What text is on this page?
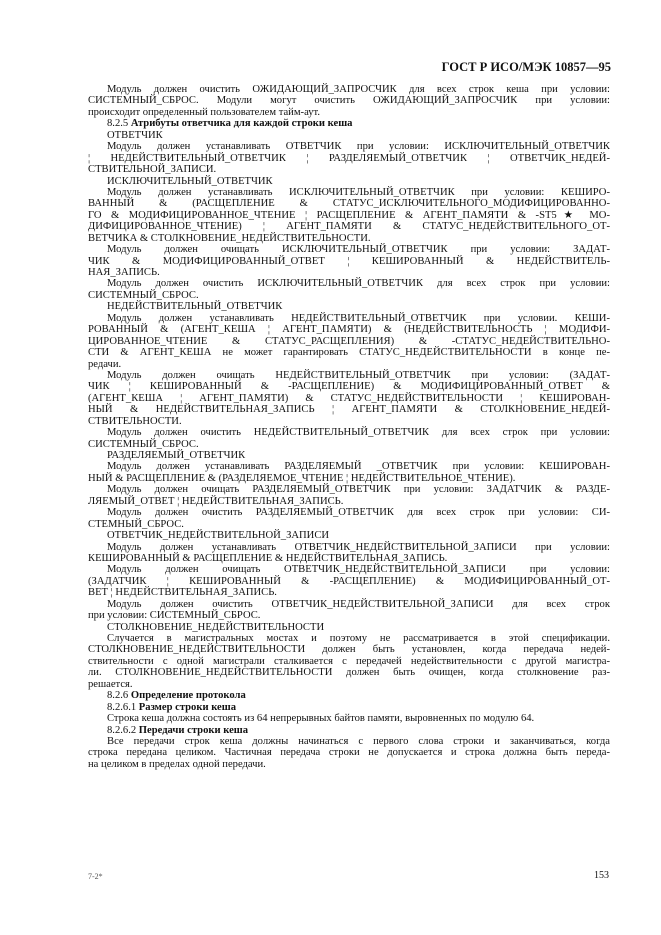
ГОСТ Р ИСО/МЭК 10857—95
Модуль должен очистить ОЖИДАЮЩИЙ_ЗАПРОСЧИК для всех строк кеша при условии:
СИСТЕМНЫЙ_СБРОС. Модули могут очистить ОЖИДАЮЩИЙ_ЗАПРОСЧИК при условии:
происходит определенный пользователем тайм-аут.
8.2.5 Атрибуты ответчика для каждой строки кеша
ОТВЕТЧИК
Модуль должен устанавливать ОТВЕТЧИК при условии: ИСКЛЮЧИТЕЛЬНЫЙ_ОТВЕТЧИК
¦ НЕДЕЙСТВИТЕЛЬНЫЙ_ОТВЕТЧИК ¦ РАЗДЕЛЯЕМЫЙ_ОТВЕТЧИК ¦ ОТВЕТЧИК_НЕДЕЙ-
СТВИТЕЛЬНОЙ_ЗАПИСИ.
ИСКЛЮЧИТЕЛЬНЫЙ_ОТВЕТЧИК
Модуль должен устанавливать ИСКЛЮЧИТЕЛЬНЫЙ_ОТВЕТЧИК при условии: КЕШИРО-
ВАННЫЙ & (РАСЩЕПЛЕНИЕ & СТАТУС_ИСКЛЮЧИТЕЛЬНОГО_МОДИФИЦИРОВАННО-
ГО & МОДИФИЦИРОВАННОЕ_ЧТЕНИЕ ¦ РАСЩЕПЛЕНИЕ & АГЕНТ_ПАМЯТИ & -ST5★ МО-
ДИФИЦИРОВАННОЕ_ЧТЕНИЕ) ¦ АГЕНТ_ПАМЯТИ & СТАТУС_НЕДЕЙСТВИТЕЛЬНОГО_ОТ-
ВЕТЧИКА & СТОЛКНОВЕНИЕ_НЕДЕЙСТВИТЕЛЬНОСТИ.
Модуль должен очищать ИСКЛЮЧИТЕЛЬНЫЙ_ОТВЕТЧИК при условии: ЗАДАТ-
ЧИК & МОДИФИЦИРОВАННЫЙ_ОТВЕТ ¦ КЕШИРОВАННЫЙ & НЕДЕЙСТВИТЕЛЬ-
НАЯ_ЗАПИСЬ.
Модуль должен очистить ИСКЛЮЧИТЕЛЬНЫЙ_ОТВЕТЧИК для всех строк при условии:
СИСТЕМНЫЙ_СБРОС.
НЕДЕЙСТВИТЕЛЬНЫЙ_ОТВЕТЧИК
Модуль должен устанавливать НЕДЕЙСТВИТЕЛЬНЫЙ_ОТВЕТЧИК при условии. КЕШИ-
РОВАННЫЙ & (АГЕНТ_КЕША ¦ АГЕНТ_ПАМЯТИ) & (НЕДЕЙСТВИТЕЛЬНОСТЬ ¦ МОДИФИ-
ЦИРОВАННОЕ_ЧТЕНИЕ & СТАТУС_РАСЩЕПЛЕНИЯ) & -СТАТУС_НЕДЕЙСТВИТЕЛЬНО-
СТИ & АГЕНТ_КЕША не может гарантировать СТАТУС_НЕДЕЙСТВИТЕЛЬНОСТИ в конце пе-
редачи.
Модуль должен очищать НЕДЕЙСТВИТЕЛЬНЫЙ_ОТВЕТЧИК при условии: (ЗАДАТ-
ЧИК ¦ КЕШИРОВАННЫЙ & -РАСЩЕПЛЕНИЕ) & МОДИФИЦИРОВАННЫЙ_ОТВЕТ &
(АГЕНТ_КЕША ¦ АГЕНТ_ПАМЯТИ) & СТАТУС_НЕДЕЙСТВИТЕЛЬНОСТИ ¦ КЕШИРОВАН-
НЫЙ & НЕДЕЙСТВИТЕЛЬНАЯ_ЗАПИСЬ ¦ АГЕНТ_ПАМЯТИ & СТОЛКНОВЕНИЕ_НЕДЕЙ-
СТВИТЕЛЬНОСТИ.
Модуль должен очистить НЕДЕЙСТВИТЕЛЬНЫЙ_ОТВЕТЧИК для всех строк при условии:
СИСТЕМНЫЙ_СБРОС.
РАЗДЕЛЯЕМЫЙ_ОТВЕТЧИК
Модуль должен устанавливать РАЗДЕЛЯЕМЫЙ _ОТВЕТЧИК при условии: КЕШИРОВАН-
НЫЙ & РАСЩЕПЛЕНИЕ & (РАЗДЕЛЯЕМОЕ_ЧТЕНИЕ ¦ НЕДЕЙСТВИТЕЛЬНОЕ_ЧТЕНИЕ).
Модуль должен очищать РАЗДЕЛЯЕМЫЙ_ОТВЕТЧИК при условии: ЗАДАТЧИК & РАЗДЕ-
ЛЯЕМЫЙ_ОТВЕТ ¦ НЕДЕЙСТВИТЕЛЬНАЯ_ЗАПИСЬ.
Модуль должен очистить РАЗДЕЛЯЕМЫЙ_ОТВЕТЧИК для всех строк при условии: СИ-
СТЕМНЫЙ_СБРОС.
ОТВЕТЧИК_НЕДЕЙСТВИТЕЛЬНОЙ_ЗАПИСИ
Модуль должен устанавливать ОТВЕТЧИК_НЕДЕЙСТВИТЕЛЬНОЙ_ЗАПИСИ при условии:
КЕШИРОВАННЫЙ & РАСЩЕПЛЕНИЕ & НЕДЕЙСТВИТЕЛЬНАЯ_ЗАПИСЬ.
Модуль должен очищать ОТВЕТЧИК_НЕДЕЙСТВИТЕЛЬНОЙ_ЗАПИСИ при условии:
(ЗАДАТЧИК ¦ КЕШИРОВАННЫЙ & -РАСЩЕПЛЕНИЕ) & МОДИФИЦИРОВАННЫЙ_ОТ-
ВЕТ ¦ НЕДЕЙСТВИТЕЛЬНАЯ_ЗАПИСЬ.
Модуль должен очистить ОТВЕТЧИК_НЕДЕЙСТВИТЕЛЬНОЙ_ЗАПИСИ для всех строк
при условии: СИСТЕМНЫЙ_СБРОС.
СТОЛКНОВЕНИЕ_НЕДЕЙСТВИТЕЛЬНОСТИ
Случается в магистральных мостах и поэтому не рассматривается в этой спецификации.
СТОЛКНОВЕНИЕ_НЕДЕЙСТВИТЕЛЬНОСТИ должен быть установлен, когда передача недей-
ствительности с одной магистрали сталкивается с передачей недействительности с другой магистра-
ли. СТОЛКНОВЕНИЕ_НЕДЕЙСТВИТЕЛЬНОСТИ должен быть очищен, когда столкновение раз-
решается.
8.2.6 Определение протокола
8.2.6.1 Размер строки кеша
Строка кеша должна состоять из 64 непрерывных байтов памяти, выровненных по модулю 64.
8.2.6.2 Передачи строки кеша
Все передачи строк кеша должны начинаться с первого слова строки и заканчиваться, когда
строка передана целиком. Частичная передача строки не допускается и строка должна быть переда-
на целиком в пределах одной передачи.
7-2*	153
